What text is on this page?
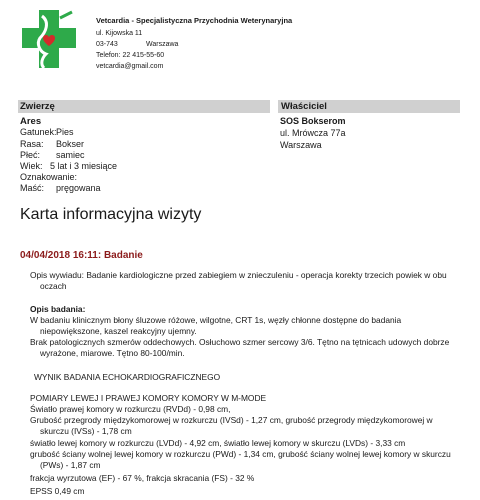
Vetcardia - Specjalistyczna Przychodnia Weterynaryjna
ul. Kijowska 11
03-743	Warszawa
Telefon: 22 415-55-60
vetcardia@gmail.com
Zwierzę	Właściciel
Ares
Gatunek: Pies
Rasa: Bokser
Płeć: samiec
Wiek: 5 lat i 3 miesiące
Oznakowanie:
Maść: pręgowana
SOS Bokserom
ul. Mrówcza 77a
Warszawa
Karta informacyjna wizyty
04/04/2018 16:11: Badanie
Opis wywiadu: Badanie kardiologiczne przed zabiegiem w znieczuleniu - operacja korekty trzecich powiek w obu
oczach
Opis badania:
W badaniu klinicznym błony śluzowe różowe, wilgotne, CRT 1s, węzły chłonne dostępne do badania
niepowiększone, kaszel reakcyjny ujemny.
Brak patologicznych szmerów oddechowych. Osłuchowo szmer sercowy 3/6. Tętno na tętnicach udowych dobrze
wyrażone, miarowe. Tętno 80-100/min.
WYNIK BADANIA ECHOKARDIOGRAFICZNEGO
POMIARY LEWEJ I PRAWEJ KOMORY KOMORY W M-MODE
Światło prawej komory w rozkurczu (RVDd) - 0,98 cm,
Grubość przegrody międzykomorowej w rozkurczu (IVSd) - 1,27 cm, grubość przegrody międzykomorowej w
skurczu (IVSs) - 1,78 cm
światło lewej komory w rozkurczu (LVDd) - 4,92 cm, światło lewej komory w skurczu (LVDs) - 3,33 cm
grubość ściany wolnej lewej komory w rozkurczu (PWd) - 1,34 cm, grubość ściany wolnej lewej komory w skurczu
(PWs) - 1,87 cm
frakcja wyrzutowa (EF) - 67 %, frakcja skracania (FS) - 32 %
EPSS 0,49 cm
